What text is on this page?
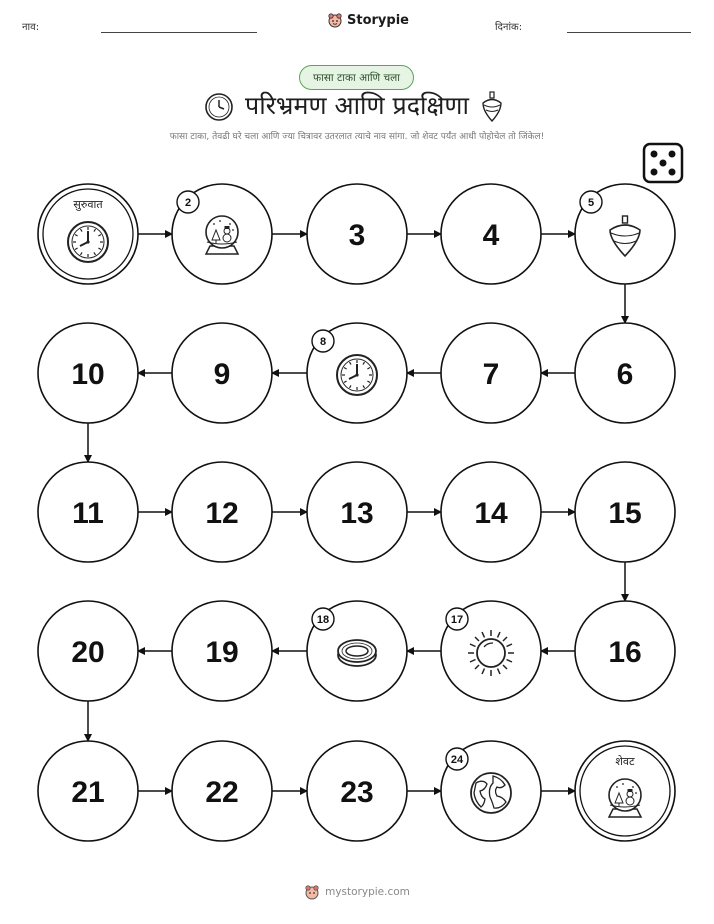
नाव:	Storypie	दिनांक:
फासा टाका आणि चला
परिभ्रमण आणि प्रदक्षिणा
फासा टाका, तेवढी घरे चला आणि ज्या चित्रावर उतरलात त्याचे नाव सांगा. जो शेवट पर्यंत आधी पोहोचेल तो जिंकेल!
सुरुवात	2
3	4
5
6
7
8
9
10
11	12	13	14	15
16
17
18
19
20
21	22	23
24	शेवट
mystorypie.com
